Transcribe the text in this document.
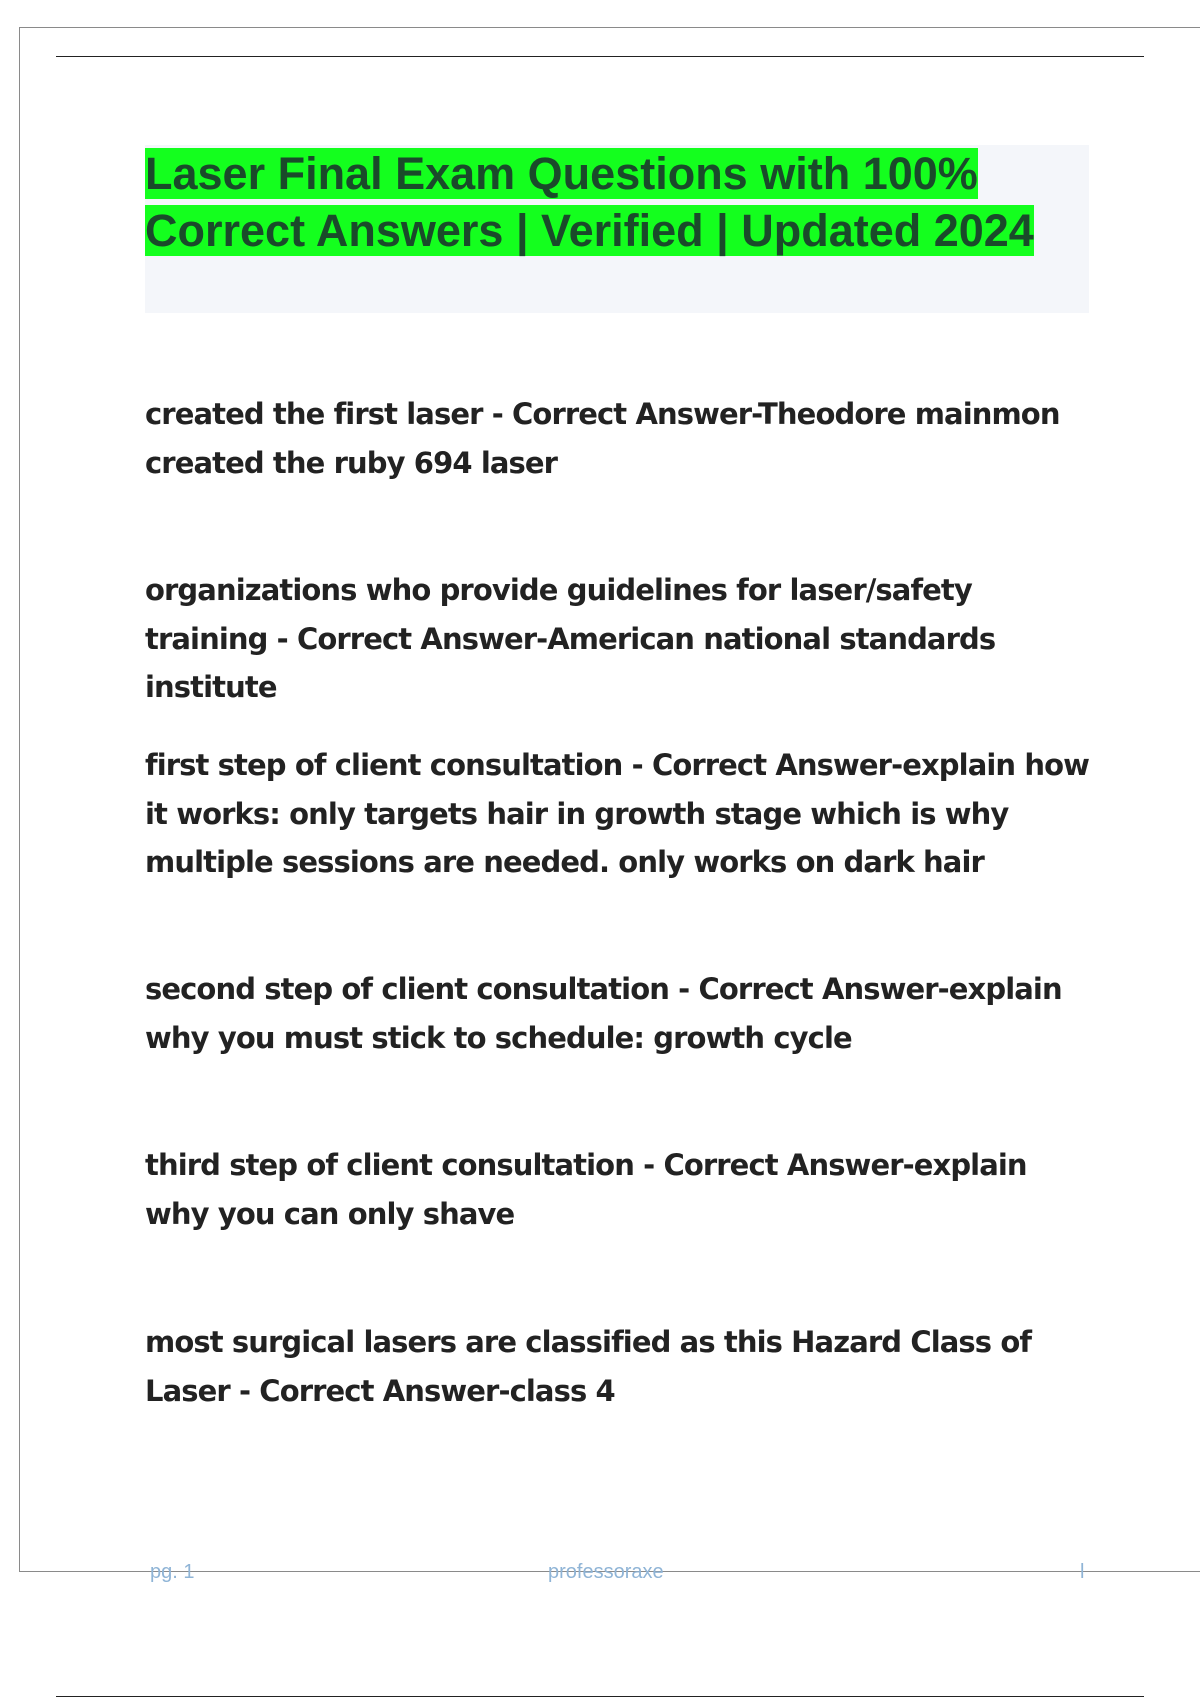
Laser Final Exam Questions with 100% Correct Answers | Verified | Updated 2024
created the first laser - Correct Answer-Theodore mainmon created the ruby 694 laser
organizations who provide guidelines for laser/safety training - Correct Answer-American national standards institute
first step of client consultation - Correct Answer-explain how it works: only targets hair in growth stage which is why multiple sessions are needed. only works on dark hair
second step of client consultation - Correct Answer-explain why you must stick to schedule: growth cycle
third step of client consultation - Correct Answer-explain why you can only shave
most surgical lasers are classified as this Hazard Class of Laser - Correct Answer-class 4
pg. 1	professoraxe	l
